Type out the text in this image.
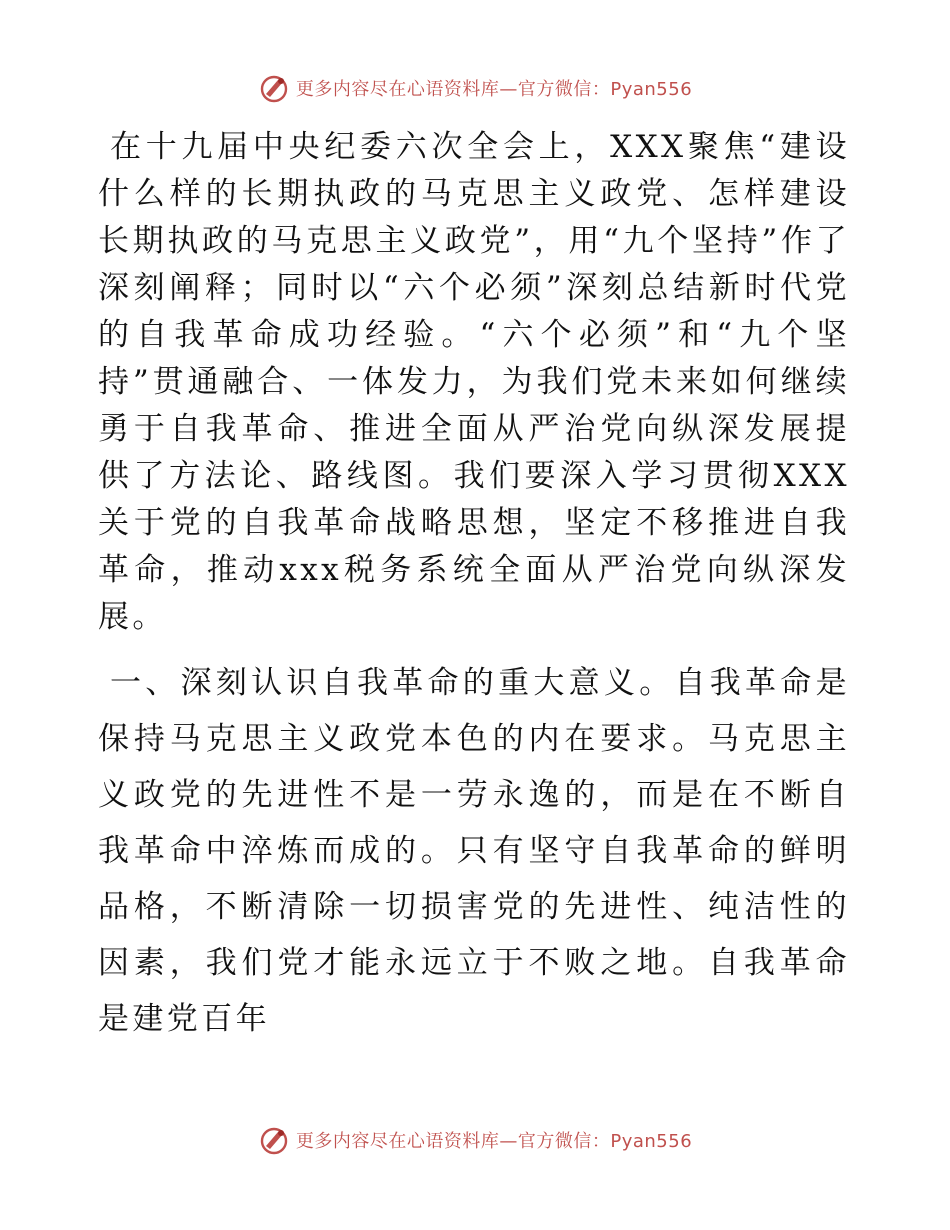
更多内容尽在心语资料库—官方微信：Pyan556

在十九届中央纪委六次全会上，XXX聚焦“建设什么样的长期执政的马克思主义政党、怎样建设长期执政的马克思主义政党”，用“九个坚持”作了深刻阐释；同时以“六个必须”深刻总结新时代党的自我革命成功经验。“六个必须”和“九个坚持”贯通融合、一体发力，为我们党未来如何继续勇于自我革命、推进全面从严治党向纵深发展提供了方法论、路线图。我们要深入学习贯彻XXX关于党的自我革命战略思想，坚定不移推进自我革命，推动xxx税务系统全面从严治党向纵深发展。

一、深刻认识自我革命的重大意义。自我革命是保持马克思主义政党本色的内在要求。马克思主义政党的先进性不是一劳永逸的，而是在不断自我革命中淬炼而成的。只有坚守自我革命的鲜明品格，不断清除一切损害党的先进性、纯洁性的因素，我们党才能永远立于不败之地。自我革命是建党百年

更多内容尽在心语资料库—官方微信：Pyan556
